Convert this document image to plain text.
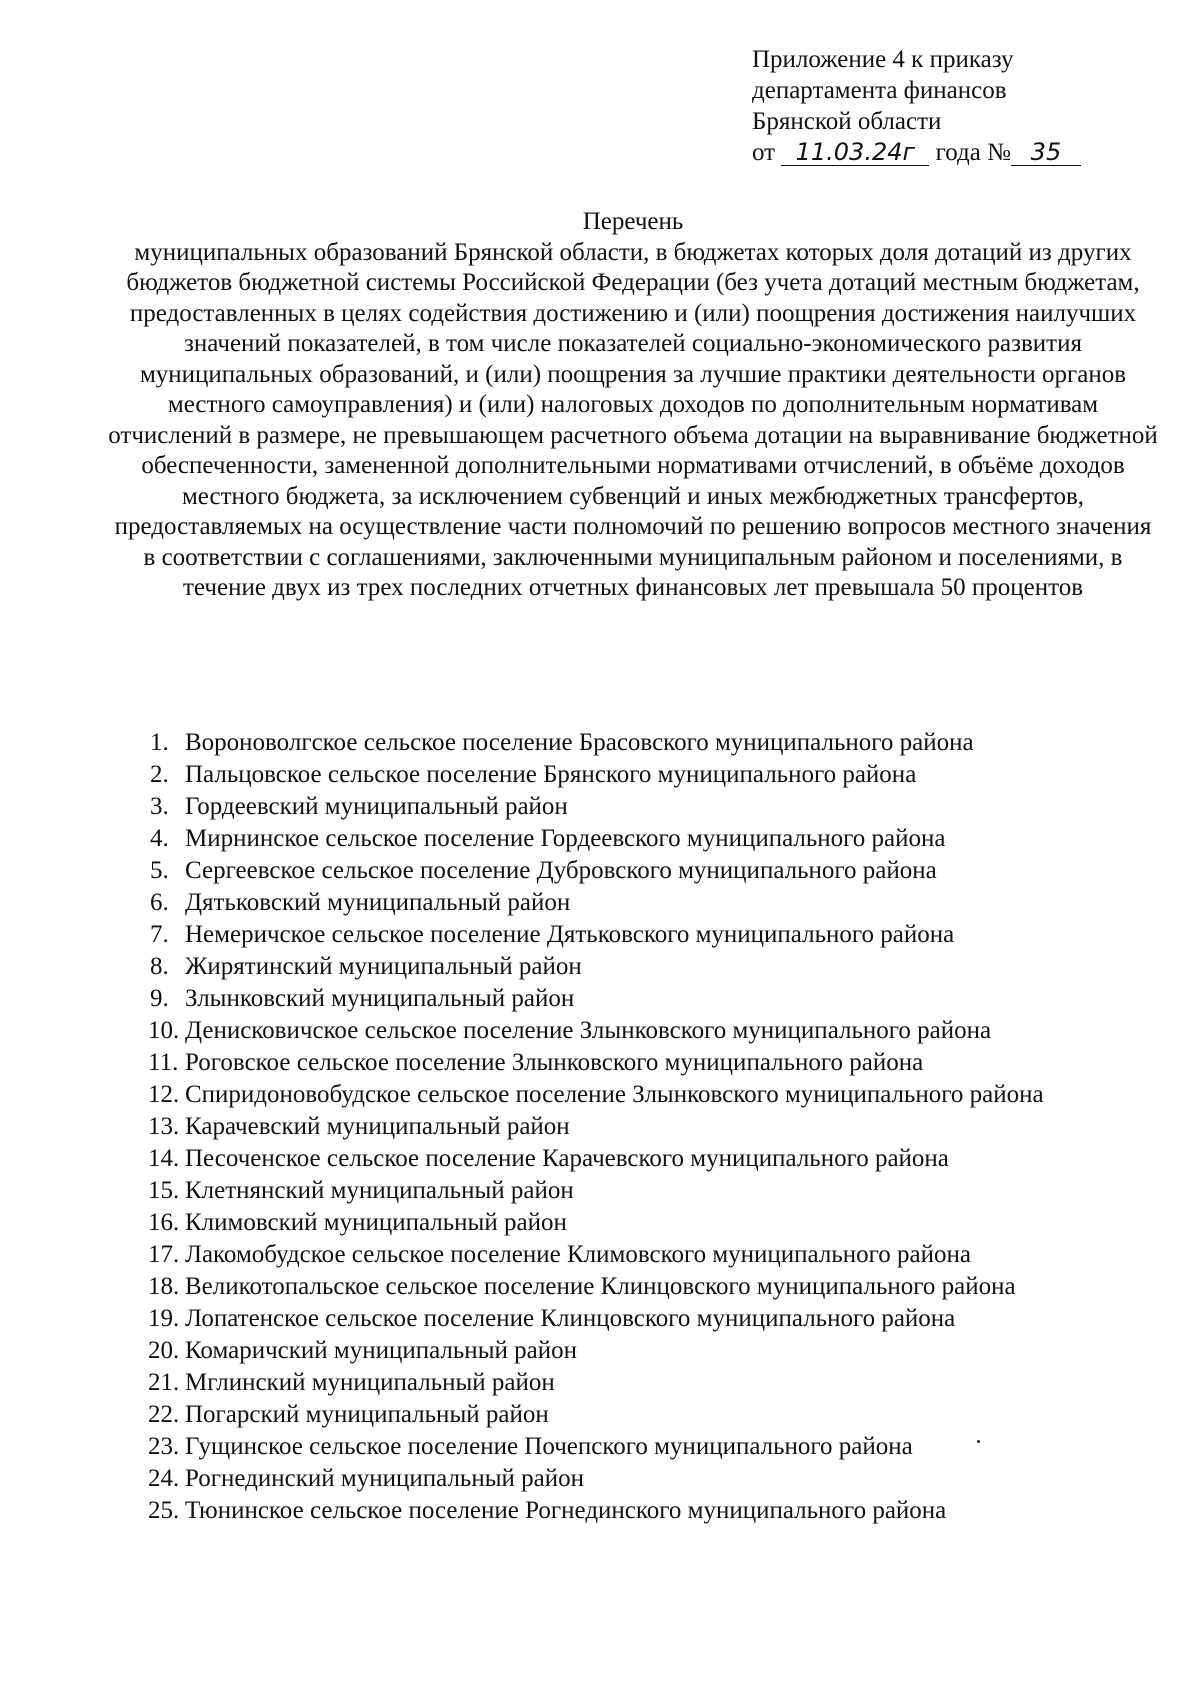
Приложение 4 к приказу
департамента финансов
Брянской области
от 11.03.24г года № 35
Перечень
муниципальных образований Брянской области, в бюджетах которых доля дотаций из других бюджетов бюджетной системы Российской Федерации (без учета дотаций местным бюджетам, предоставленных в целях содействия достижению и (или) поощрения достижения наилучших значений показателей, в том числе показателей социально-экономического развития муниципальных образований, и (или) поощрения за лучшие практики деятельности органов местного самоуправления) и (или) налоговых доходов по дополнительным нормативам отчислений в размере, не превышающем расчетного объема дотации на выравнивание бюджетной обеспеченности, замененной дополнительными нормативами отчислений, в объёме доходов местного бюджета, за исключением субвенций и иных межбюджетных трансфертов, предоставляемых на осуществление части полномочий по решению вопросов местного значения в соответствии с соглашениями, заключенными муниципальным районом и поселениями, в течение двух из трех последних отчетных финансовых лет превышала 50 процентов
1. Вороноволгское сельское поселение Брасовского муниципального района
2. Пальцовское сельское поселение Брянского муниципального района
3. Гордеевский муниципальный район
4. Мирнинское сельское поселение Гордеевского муниципального района
5. Сергеевское сельское поселение Дубровского муниципального района
6. Дятьковский муниципальный район
7. Немеричское сельское поселение Дятьковского муниципального района
8. Жирятинский муниципальный район
9. Злынковский муниципальный район
10. Денисковичское сельское поселение Злынковского муниципального района
11. Роговское сельское поселение Злынковского муниципального района
12. Спиридоновобудское сельское поселение Злынковского муниципального района
13. Карачевский муниципальный район
14. Песоченское сельское поселение Карачевского муниципального района
15. Клетнянский муниципальный район
16. Климовский муниципальный район
17. Лакомобудское сельское поселение Климовского муниципального района
18. Великотопальское сельское поселение Клинцовского муниципального района
19. Лопатенское сельское поселение Клинцовского муниципального района
20. Комаричский муниципальный район
21. Мглинский муниципальный район
22. Погарский муниципальный район
23. Гущинское сельское поселение Почепского муниципального района
24. Рогнединский муниципальный район
25. Тюнинское сельское поселение Рогнединского муниципального района
